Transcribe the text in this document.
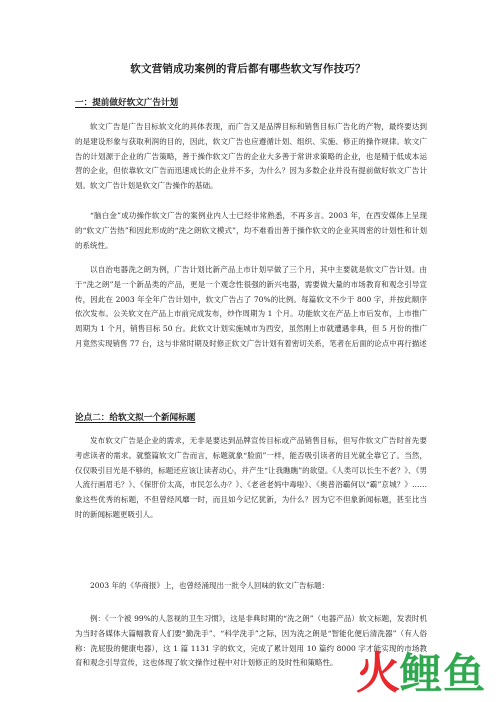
软文营销成功案例的背后都有哪些软文写作技巧？
一：提前做好软文广告计划

软文广告是广告目标软文化的具体表现，而广告又是品牌目标和销售目标广告化的产物，最终要达到的是建设形象与获取利润的目的，因此，软文广告也应遵循计划、组织、实施、修正的操作规律。软文广告的计划源于企业的广告策略，善于操作软文广告的企业大多善于常讲求策略的企业，也是精于低成本运营的企业，但依靠软文广告而迅速成长的企业并不多，为什么？因为多数企业并没有提前做好软文广告计划。软文广告计划是软文广告操作的基础。

“脑白金”成功操作软文广告的案例业内人士已经非常熟悉，不再多言。2003 年，在西安媒体上呈现的“软文广告热”和因此形成的“洗之朗软文模式”，均不难看出善于操作软文的企业其周密的计划性和计划的系统性。

以自治电器洗之朗为例，广告计划比新产品上市计划早做了三个月，其中主要就是软文广告计划。由于“洗之朗”是一个新品类的产品，更是一个观念性很强的新兴电器，需要做大量的市场教育和观念引导宣传，因此在 2003 年全年广告计划中，软文广告占了 70%的比例。每篇软文不少于 800 字，并按此顺序依次发布。公关软文在产品上市前完成发布，炒作周期为 1 个月。功能软文在产品上市后发布，上市推广周期为 1 个月，销售目标 50 台。此软文计划实施城市为西安，虽然刚上市就遭遇非典，但 5 月份的推广月竟然实现销售 77 台，这与非常时期及时修正软文广告计划有着密切关系，笔者在后面的论点中再行描述

论点二：给软文拟一个新闻标题

发布软文广告是企业的需求，无非是要达到品牌宣传目标或产品销售目标，但写作软文广告时首先要考虑读者的需求。就整篇软文广告而言，标题就象“脸面”一样，能否吸引读者的目光就全靠它了。当然，仅仅吸引目光是不够的，标题还应该让读者动心，并产生“让我瞧瞧”的欲望。《人类可以长生不老？》、《男人流行画眉毛？》、《保肝价太高，市民怎么办？》、《老爸老妈中毒啦》、《奥普浴霸何以“霸”京城？》……象这些优秀的标题，不但曾经风靡一时，而且如今记忆犹新，为什么？因为它不但象新闻标题，甚至比当时的新闻标题更吸引人。

2003 年的《华商报》上，也曾经涌现出一批令人回味的软文广告标题：

例：《一个被 99%的人忽视的卫生习惯》，这是非典时期的“洗之朗”（电器产品）软文标题，发表时机为当时各媒体大篇幅教育人们要“勤洗手”、“科学洗手”之际，因为洗之朗是“智能化便后清洗器”（有人俗称：洗屁股的健康电器），这 1 篇 1131 字的软文，完成了累计划用 10 篇约 8000 字才能实现的市场教育和观念引导宣传，这也体现了软文操作过程中对计划修正的及时性和策略性。 火 鲤 鱼
